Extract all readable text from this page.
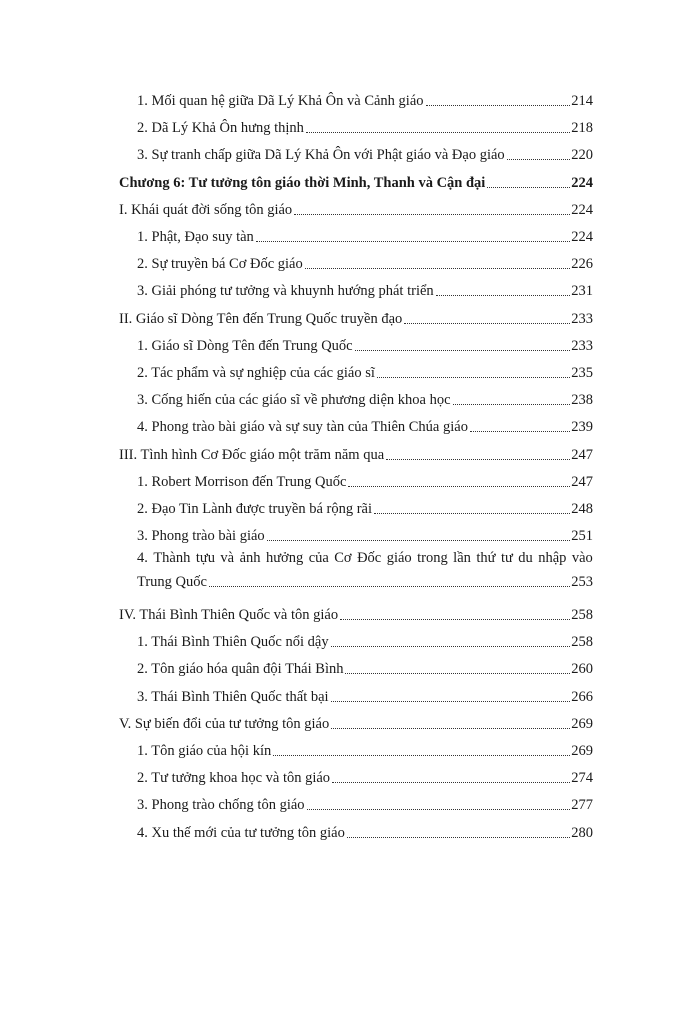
1. Mối quan hệ giữa Dã Lý Khả Ôn và Cảnh giáo	214
2. Dã Lý Khả Ôn hưng thịnh	218
3. Sự tranh chấp giữa Dã Lý Khả Ôn với Phật giáo và Đạo giáo	220
Chương 6: Tư tưởng tôn giáo thời Minh, Thanh và Cận đại	224
I. Khái quát đời sống tôn giáo	224
1. Phật, Đạo suy tàn	224
2. Sự truyền bá Cơ Đốc giáo	226
3. Giải phóng tư tưởng và khuynh hướng phát triển	231
II. Giáo sĩ Dòng Tên đến Trung Quốc truyền đạo	233
1. Giáo sĩ Dòng Tên đến Trung Quốc	233
2. Tác phẩm và sự nghiệp của các giáo sĩ	235
3. Cống hiến của các giáo sĩ về phương diện khoa học	238
4. Phong trào bài giáo và sự suy tàn của Thiên Chúa giáo	239
III. Tình hình Cơ Đốc giáo một trăm năm qua	247
1. Robert Morrison đến Trung Quốc	247
2. Đạo Tin Lành được truyền bá rộng rãi	248
3. Phong trào bài giáo	251
4. Thành tựu và ảnh hưởng của Cơ Đốc giáo trong lần thứ tư du nhập vào
Trung Quốc	253
IV. Thái Bình Thiên Quốc và tôn giáo	258
1. Thái Bình Thiên Quốc nổi dậy	258
2. Tôn giáo hóa quân đội Thái Bình	260
3. Thái Bình Thiên Quốc thất bại	266
V. Sự biến đổi của tư tưởng tôn giáo	269
1. Tôn giáo của hội kín	269
2. Tư tưởng khoa học và tôn giáo	274
3. Phong trào chống tôn giáo	277
4. Xu thế mới của tư tưởng tôn giáo	280
